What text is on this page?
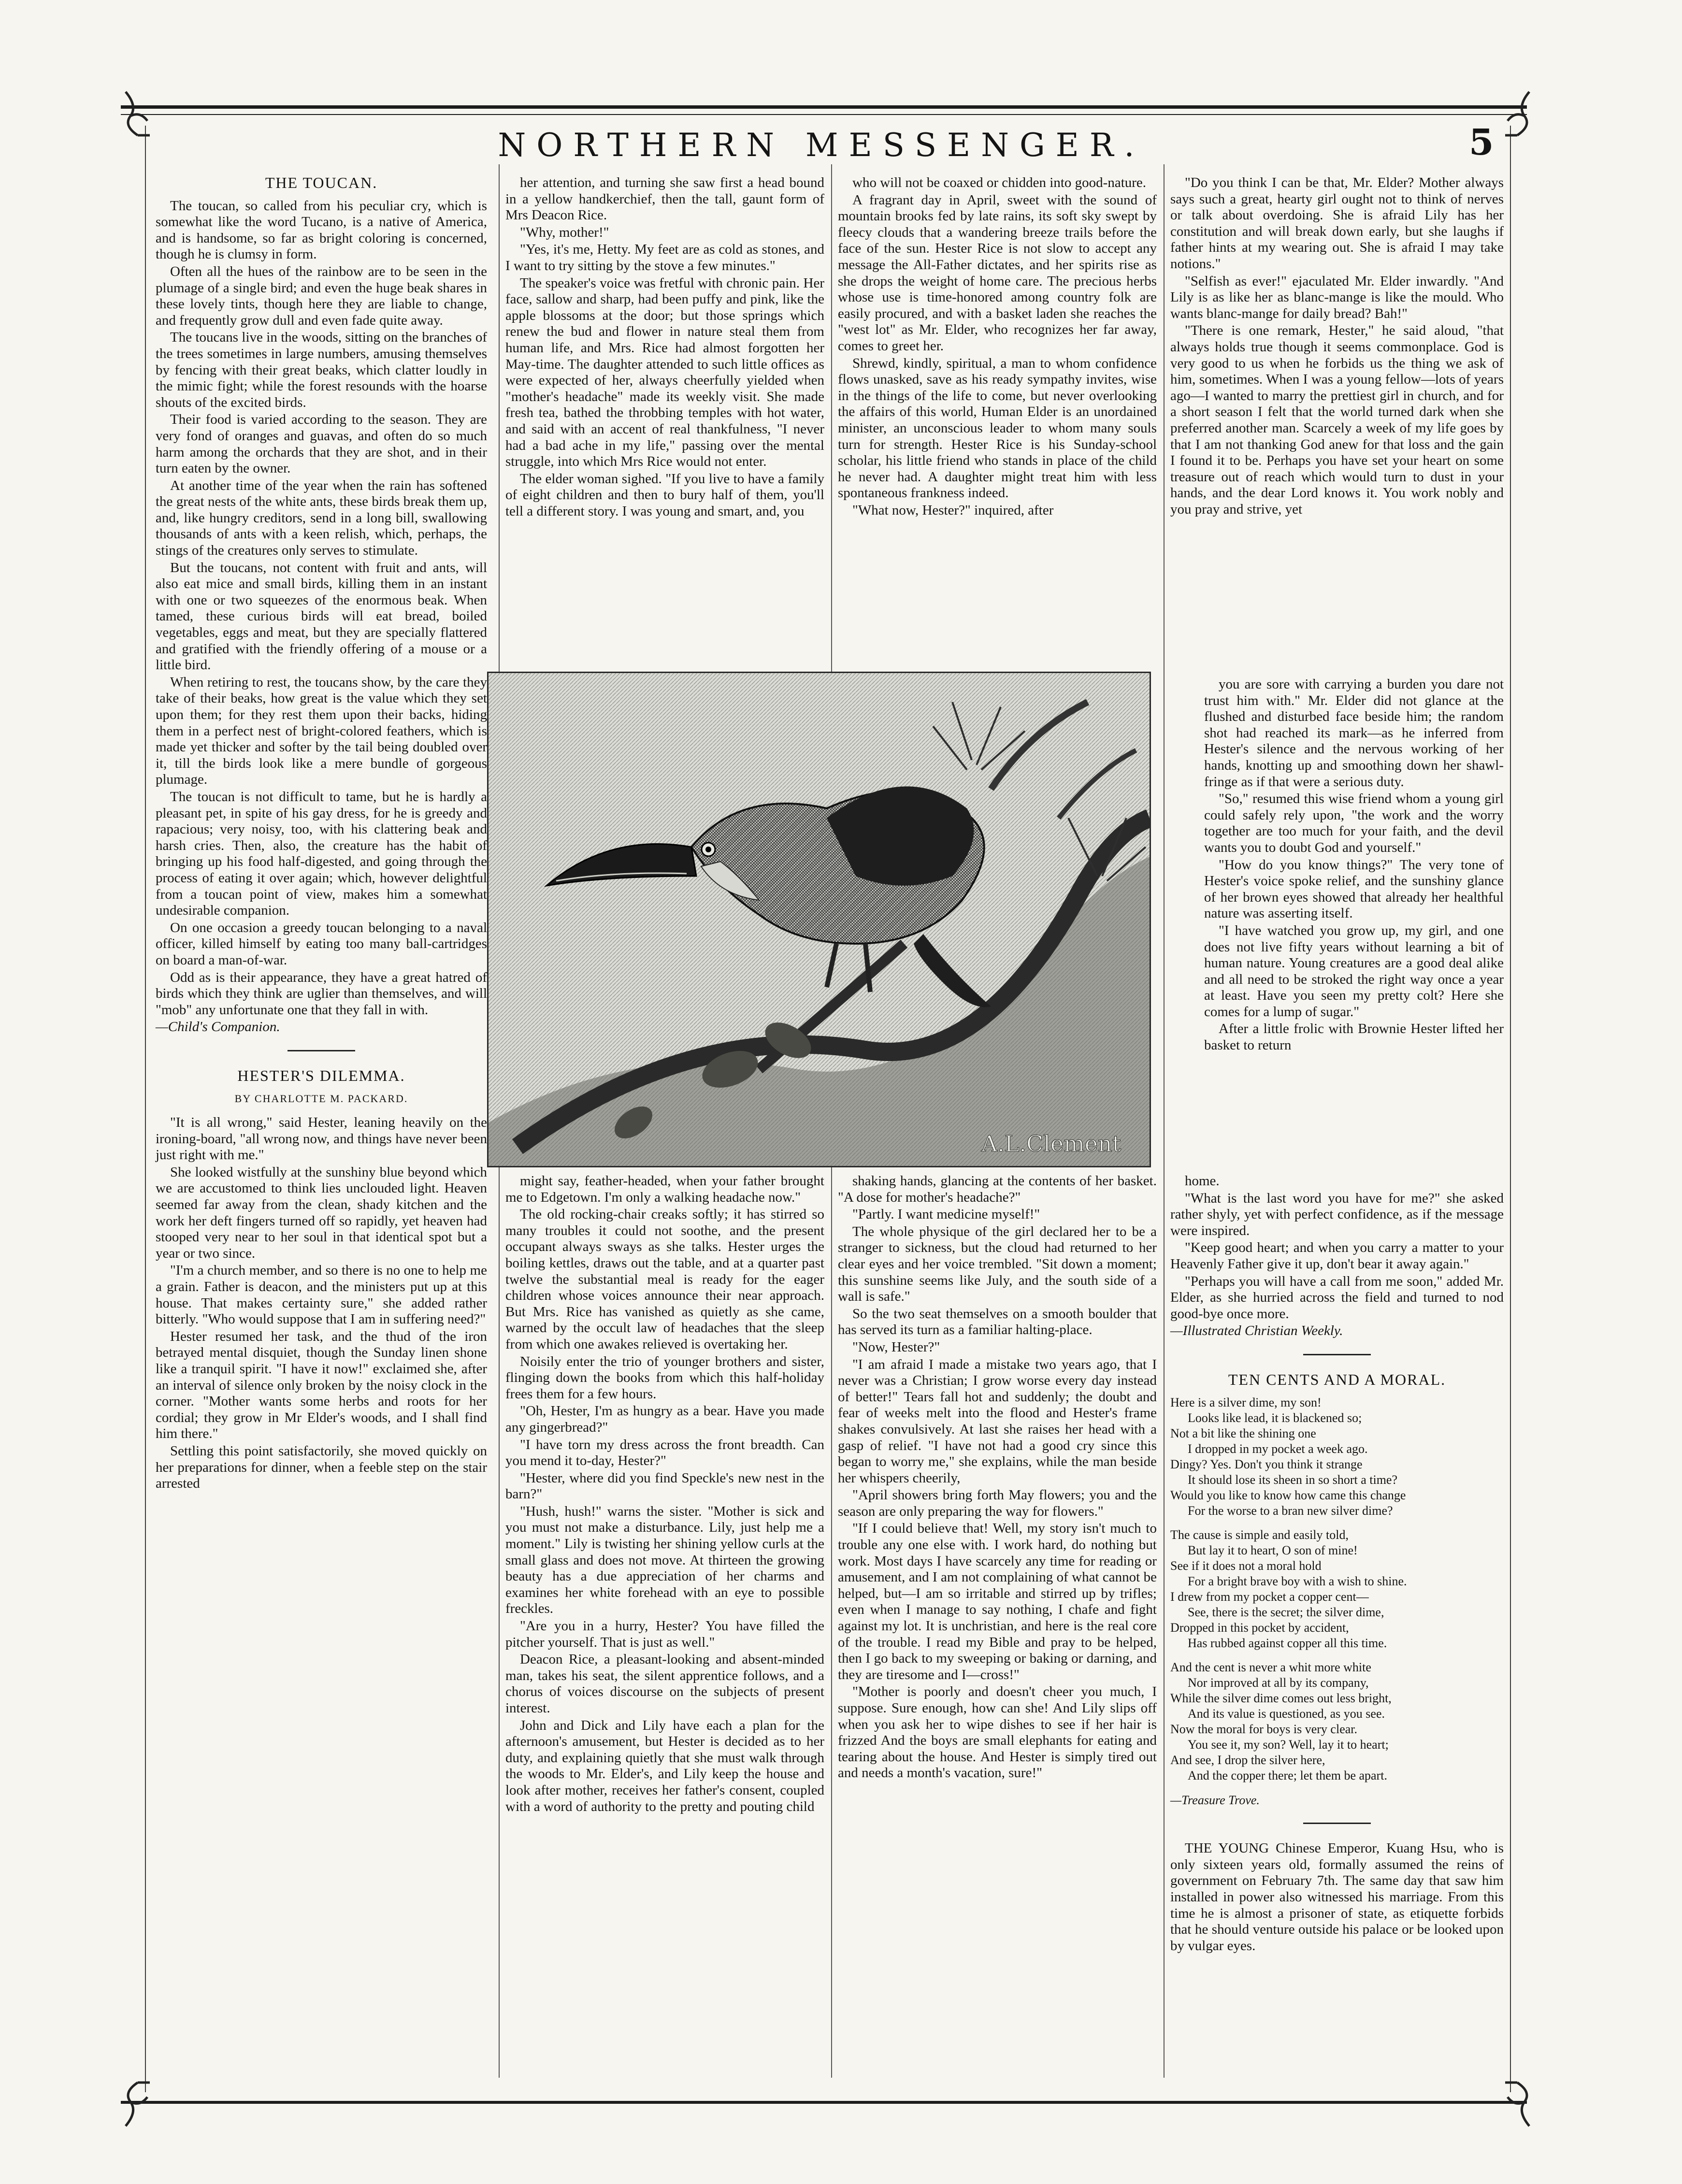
NORTHERN MESSENGER.	5
THE TOUCAN.

The toucan, so called from his peculiar cry, which is somewhat like the word Tucano, is a native of America, and is handsome, so far as bright coloring is concerned, though he is clumsy in form.

Often all the hues of the rainbow are to be seen in the plumage of a single bird; and even the huge beak shares in these lovely tints, though here they are liable to change, and frequently grow dull and even fade quite away.

The toucans live in the woods, sitting on the branches of the trees sometimes in large numbers, amusing themselves by fencing with their great beaks, which clatter loudly in the mimic fight; while the forest resounds with the hoarse shouts of the excited birds.

Their food is varied according to the season. They are very fond of oranges and guavas, and often do so much harm among the orchards that they are shot, and in their turn eaten by the owner.

At another time of the year when the rain has softened the great nests of the white ants, these birds break them up, and, like hungry creditors, send in a long bill, swallowing thousands of ants with a keen relish, which, perhaps, the stings of the creatures only serves to stimulate.

But the toucans, not content with fruit and ants, will also eat mice and small birds, killing them in an instant with one or two squeezes of the enormous beak. When tamed, these curious birds will eat bread, boiled vegetables, eggs and meat, but they are specially flattered and gratified with the friendly offering of a mouse or a little bird.

When retiring to rest, the toucans show, by the care they take of their beaks, how great is the value which they set upon them; for they rest them upon their backs, hiding them in a perfect nest of bright-colored feathers, which is made yet thicker and softer by the tail being doubled over it, till the birds look like a mere bundle of gorgeous plumage.

The toucan is not difficult to tame, but he is hardly a pleasant pet, in spite of his gay dress, for he is greedy and rapacious; very noisy, too, with his clattering beak and harsh cries. Then, also, the creature has the habit of bringing up his food half-digested, and going through the process of eating it over again; which, however delightful from a toucan point of view, makes him a somewhat undesirable companion.

On one occasion a greedy toucan belonging to a naval officer, killed himself by eating too many ball-cartridges on board a man-of-war.

Odd as is their appearance, they have a great hatred of birds which they think are uglier than themselves, and will "mob" any unfortunate one that they fall in with.

—Child's Companion.

HESTER'S DILEMMA.

BY CHARLOTTE M. PACKARD.

"It is all wrong," said Hester, leaning heavily on the ironing-board, "all wrong now, and things have never been just right with me."

She looked wistfully at the sunshiny blue beyond which we are accustomed to think lies unclouded light. Heaven seemed far away from the clean, shady kitchen and the work her deft fingers turned off so rapidly, yet heaven had stooped very near to her soul in that identical spot but a year or two since.

"I'm a church member, and so there is no one to help me a grain. Father is deacon, and the ministers put up at this house. That makes certainty sure," she added rather bitterly. "Who would suppose that I am in suffering need?"

Hester resumed her task, and the thud of the iron betrayed mental disquiet, though the Sunday linen shone like a tranquil spirit. "I have it now!" exclaimed she, after an interval of silence only broken by the noisy clock in the corner. "Mother wants some herbs and roots for her cordial; they grow in Mr Elder's woods, and I shall find him there."

Settling this point satisfactorily, she moved quickly on her preparations for dinner, when a feeble step on the stair arrested

her attention, and turning she saw first a head bound in a yellow handkerchief, then the tall, gaunt form of Mrs Deacon Rice.

"Why, mother!"

"Yes, it's me, Hetty. My feet are as cold as stones, and I want to try sitting by the stove a few minutes."

The speaker's voice was fretful with chronic pain. Her face, sallow and sharp, had been puffy and pink, like the apple blossoms at the door; but those springs which renew the bud and flower in nature steal them from human life, and Mrs. Rice had almost forgotten her May-time. The daughter attended to such little offices as were expected of her, always cheerfully yielded when "mother's headache" made its weekly visit. She made fresh tea, bathed the throbbing temples with hot water, and said with an accent of real thankfulness, "I never had a bad ache in my life," passing over the mental struggle, into which Mrs Rice would not enter.

The elder woman sighed. "If you live to have a family of eight children and then to bury half of them, you'll tell a different story. I was young and smart, and, you

who will not be coaxed or chidden into good-nature.

A fragrant day in April, sweet with the sound of mountain brooks fed by late rains, its soft sky swept by fleecy clouds that a wandering breeze trails before the face of the sun. Hester Rice is not slow to accept any message the All-Father dictates, and her spirits rise as she drops the weight of home care. The precious herbs whose use is time-honored among country folk are easily procured, and with a basket laden she reaches the "west lot" as Mr. Elder, who recognizes her far away, comes to greet her.

Shrewd, kindly, spiritual, a man to whom confidence flows unasked, save as his ready sympathy invites, wise in the things of the life to come, but never overlooking the affairs of this world, Human Elder is an unordained minister, an unconscious leader to whom many souls turn for strength. Hester Rice is his Sunday-school scholar, his little friend who stands in place of the child he never had. A daughter might treat him with less spontaneous frankness indeed.

"What now, Hester?" inquired, after

"Do you think I can be that, Mr. Elder? Mother always says such a great, hearty girl ought not to think of nerves or talk about overdoing. She is afraid Lily has her constitution and will break down early, but she laughs if father hints at my wearing out. She is afraid I may take notions."

"Selfish as ever!" ejaculated Mr. Elder inwardly. "And Lily is as like her as blanc-mange is like the mould. Who wants blanc-mange for daily bread? Bah!"

"There is one remark, Hester," he said aloud, "that always holds true though it seems commonplace. God is very good to us when he forbids us the thing we ask of him, sometimes. When I was a young fellow—lots of years ago—I wanted to marry the prettiest girl in church, and for a short season I felt that the world turned dark when she preferred another man. Scarcely a week of my life goes by that I am not thanking God anew for that loss and the gain I found it to be. Perhaps you have set your heart on some treasure out of reach which would turn to dust in your hands, and the dear Lord knows it. You work nobly and you pray and strive, yet

you are sore with carrying a burden you dare not trust him with." Mr. Elder did not glance at the flushed and disturbed face beside him; the random shot had reached its mark—as he inferred from Hester's silence and the nervous working of her hands, knotting up and smoothing down her shawl-fringe as if that were a serious duty.

"So," resumed this wise friend whom a young girl could safely rely upon, "the work and the worry together are too much for your faith, and the devil wants you to doubt God and yourself."

"How do you know things?" The very tone of Hester's voice spoke relief, and the sunshiny glance of her brown eyes showed that already her healthful nature was asserting itself.

"I have watched you grow up, my girl, and one does not live fifty years without learning a bit of human nature. Young creatures are a good deal alike and all need to be stroked the right way once a year at least. Have you seen my pretty colt? Here she comes for a lump of sugar."

After a little frolic with Brownie Hester lifted her basket to return

A.L.Clement

might say, feather-headed, when your father brought me to Edgetown. I'm only a walking headache now."

The old rocking-chair creaks softly; it has stirred so many troubles it could not soothe, and the present occupant always sways as she talks. Hester urges the boiling kettles, draws out the table, and at a quarter past twelve the substantial meal is ready for the eager children whose voices announce their near approach. But Mrs. Rice has vanished as quietly as she came, warned by the occult law of headaches that the sleep from which one awakes relieved is overtaking her.

Noisily enter the trio of younger brothers and sister, flinging down the books from which this half-holiday frees them for a few hours.

"Oh, Hester, I'm as hungry as a bear. Have you made any gingerbread?"

"I have torn my dress across the front breadth. Can you mend it to-day, Hester?"

"Hester, where did you find Speckle's new nest in the barn?"

"Hush, hush!" warns the sister. "Mother is sick and you must not make a disturbance. Lily, just help me a moment." Lily is twisting her shining yellow curls at the small glass and does not move. At thirteen the growing beauty has a due appreciation of her charms and examines her white forehead with an eye to possible freckles.

"Are you in a hurry, Hester? You have filled the pitcher yourself. That is just as well."

Deacon Rice, a pleasant-looking and absent-minded man, takes his seat, the silent apprentice follows, and a chorus of voices discourse on the subjects of present interest.

John and Dick and Lily have each a plan for the afternoon's amusement, but Hester is decided as to her duty, and explaining quietly that she must walk through the woods to Mr. Elder's, and Lily keep the house and look after mother, receives her father's consent, coupled with a word of authority to the pretty and pouting child

shaking hands, glancing at the contents of her basket. "A dose for mother's headache?"

"Partly. I want medicine myself!"

The whole physique of the girl declared her to be a stranger to sickness, but the cloud had returned to her clear eyes and her voice trembled. "Sit down a moment; this sunshine seems like July, and the south side of a wall is safe."

So the two seat themselves on a smooth boulder that has served its turn as a familiar halting-place.

"Now, Hester?"

"I am afraid I made a mistake two years ago, that I never was a Christian; I grow worse every day instead of better!" Tears fall hot and suddenly; the doubt and fear of weeks melt into the flood and Hester's frame shakes convulsively. At last she raises her head with a gasp of relief. "I have not had a good cry since this began to worry me," she explains, while the man beside her whispers cheerily,

"April showers bring forth May flowers; you and the season are only preparing the way for flowers."

"If I could believe that! Well, my story isn't much to trouble any one else with. I work hard, do nothing but work. Most days I have scarcely any time for reading or amusement, and I am not complaining of what cannot be helped, but—I am so irritable and stirred up by trifles; even when I manage to say nothing, I chafe and fight against my lot. It is unchristian, and here is the real core of the trouble. I read my Bible and pray to be helped, then I go back to my sweeping or baking or darning, and they are tiresome and I—cross!"

"Mother is poorly and doesn't cheer you much, I suppose. Sure enough, how can she! And Lily slips off when you ask her to wipe dishes to see if her hair is frizzed And the boys are small elephants for eating and tearing about the house. And Hester is simply tired out and needs a month's vacation, sure!"

home.

"What is the last word you have for me?" she asked rather shyly, yet with perfect confidence, as if the message were inspired.

"Keep good heart; and when you carry a matter to your Heavenly Father give it up, don't bear it away again."

"Perhaps you will have a call from me soon," added Mr. Elder, as she hurried across the field and turned to nod good-bye once more.

—Illustrated Christian Weekly.

TEN CENTS AND A MORAL.

Here is a silver dime, my son!

Looks like lead, it is blackened so;

Not a bit like the shining one

I dropped in my pocket a week ago.

Dingy? Yes. Don't you think it strange

It should lose its sheen in so short a time?

Would you like to know how came this change

For the worse to a bran new silver dime?

The cause is simple and easily told,

But lay it to heart, O son of mine!

See if it does not a moral hold

For a bright brave boy with a wish to shine.

I drew from my pocket a copper cent—

See, there is the secret; the silver dime,

Dropped in this pocket by accident,

Has rubbed against copper all this time.

And the cent is never a whit more white

Nor improved at all by its company,

While the silver dime comes out less bright,

And its value is questioned, as you see.

Now the moral for boys is very clear.

You see it, my son? Well, lay it to heart;

And see, I drop the silver here,

And the copper there; let them be apart.

—Treasure Trove.

THE YOUNG Chinese Emperor, Kuang Hsu, who is only sixteen years old, formally assumed the reins of government on February 7th. The same day that saw him installed in power also witnessed his marriage. From this time he is almost a prisoner of state, as etiquette forbids that he should venture outside his palace or be looked upon by vulgar eyes.
